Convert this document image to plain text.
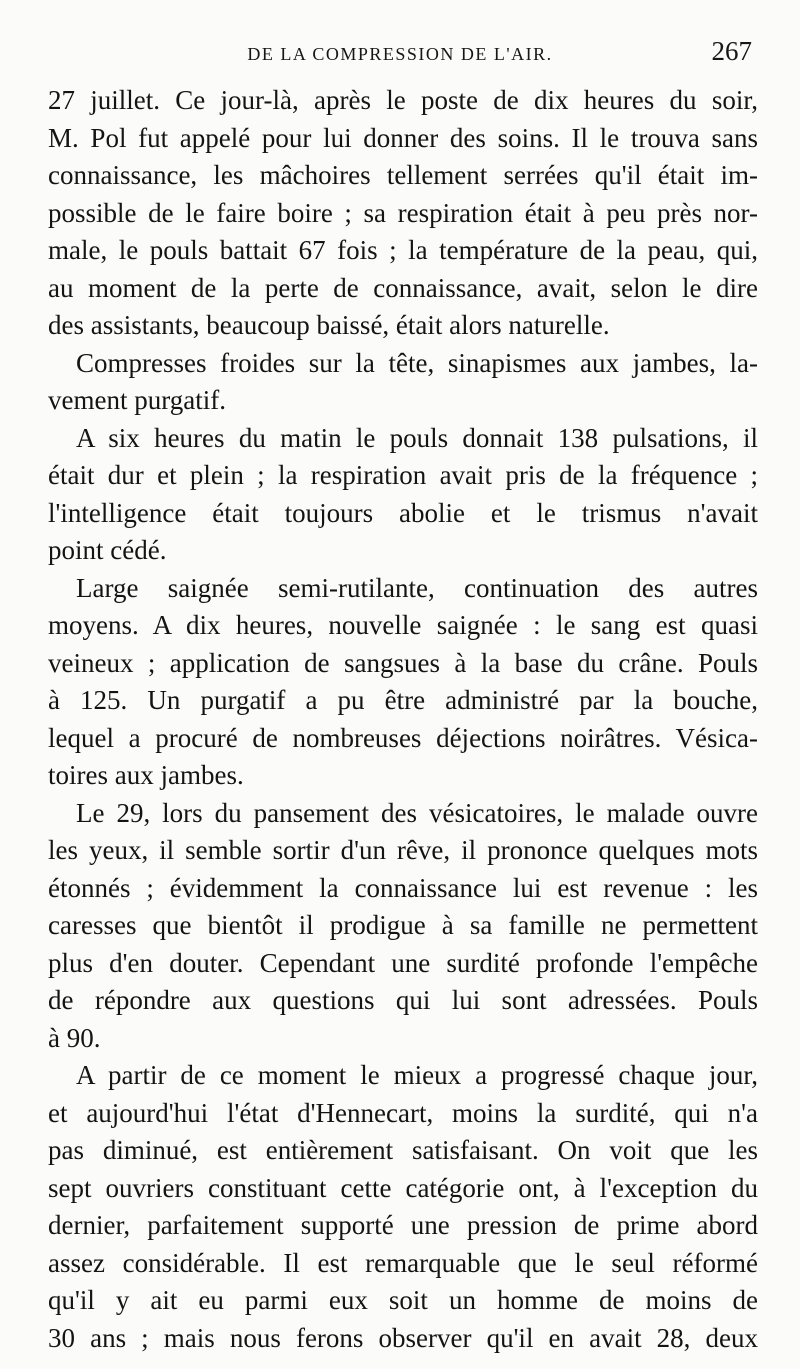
DE LA COMPRESSION DE L'AIR.	267

27 juillet. Ce jour-là, après le poste de dix heures du soir,
M. Pol fut appelé pour lui donner des soins. Il le trouva sans
connaissance, les mâchoires tellement serrées qu'il était im-
possible de le faire boire ; sa respiration était à peu près nor-
male, le pouls battait 67 fois ; la température de la peau, qui,
au moment de la perte de connaissance, avait, selon le dire
des assistants, beaucoup baissé, était alors naturelle.

Compresses froides sur la tête, sinapismes aux jambes, la-
vement purgatif.

A six heures du matin le pouls donnait 138 pulsations, il
était dur et plein ; la respiration avait pris de la fréquence ;
l'intelligence était toujours abolie et le trismus n'avait
point cédé.

Large saignée semi-rutilante, continuation des autres
moyens. A dix heures, nouvelle saignée : le sang est quasi
veineux ; application de sangsues à la base du crâne. Pouls
à 125. Un purgatif a pu être administré par la bouche,
lequel a procuré de nombreuses déjections noirâtres. Vésica-
toires aux jambes.

Le 29, lors du pansement des vésicatoires, le malade ouvre
les yeux, il semble sortir d'un rêve, il prononce quelques mots
étonnés ; évidemment la connaissance lui est revenue : les
caresses que bientôt il prodigue à sa famille ne permettent
plus d'en douter. Cependant une surdité profonde l'empêche
de répondre aux questions qui lui sont adressées. Pouls
à 90.

A partir de ce moment le mieux a progressé chaque jour,
et aujourd'hui l'état d'Hennecart, moins la surdité, qui n'a
pas diminué, est entièrement satisfaisant. On voit que les
sept ouvriers constituant cette catégorie ont, à l'exception du
dernier, parfaitement supporté une pression de prime abord
assez considérable. Il est remarquable que le seul réformé
qu'il y ait eu parmi eux soit un homme de moins de
30 ans ; mais nous ferons observer qu'il en avait 28, deux
